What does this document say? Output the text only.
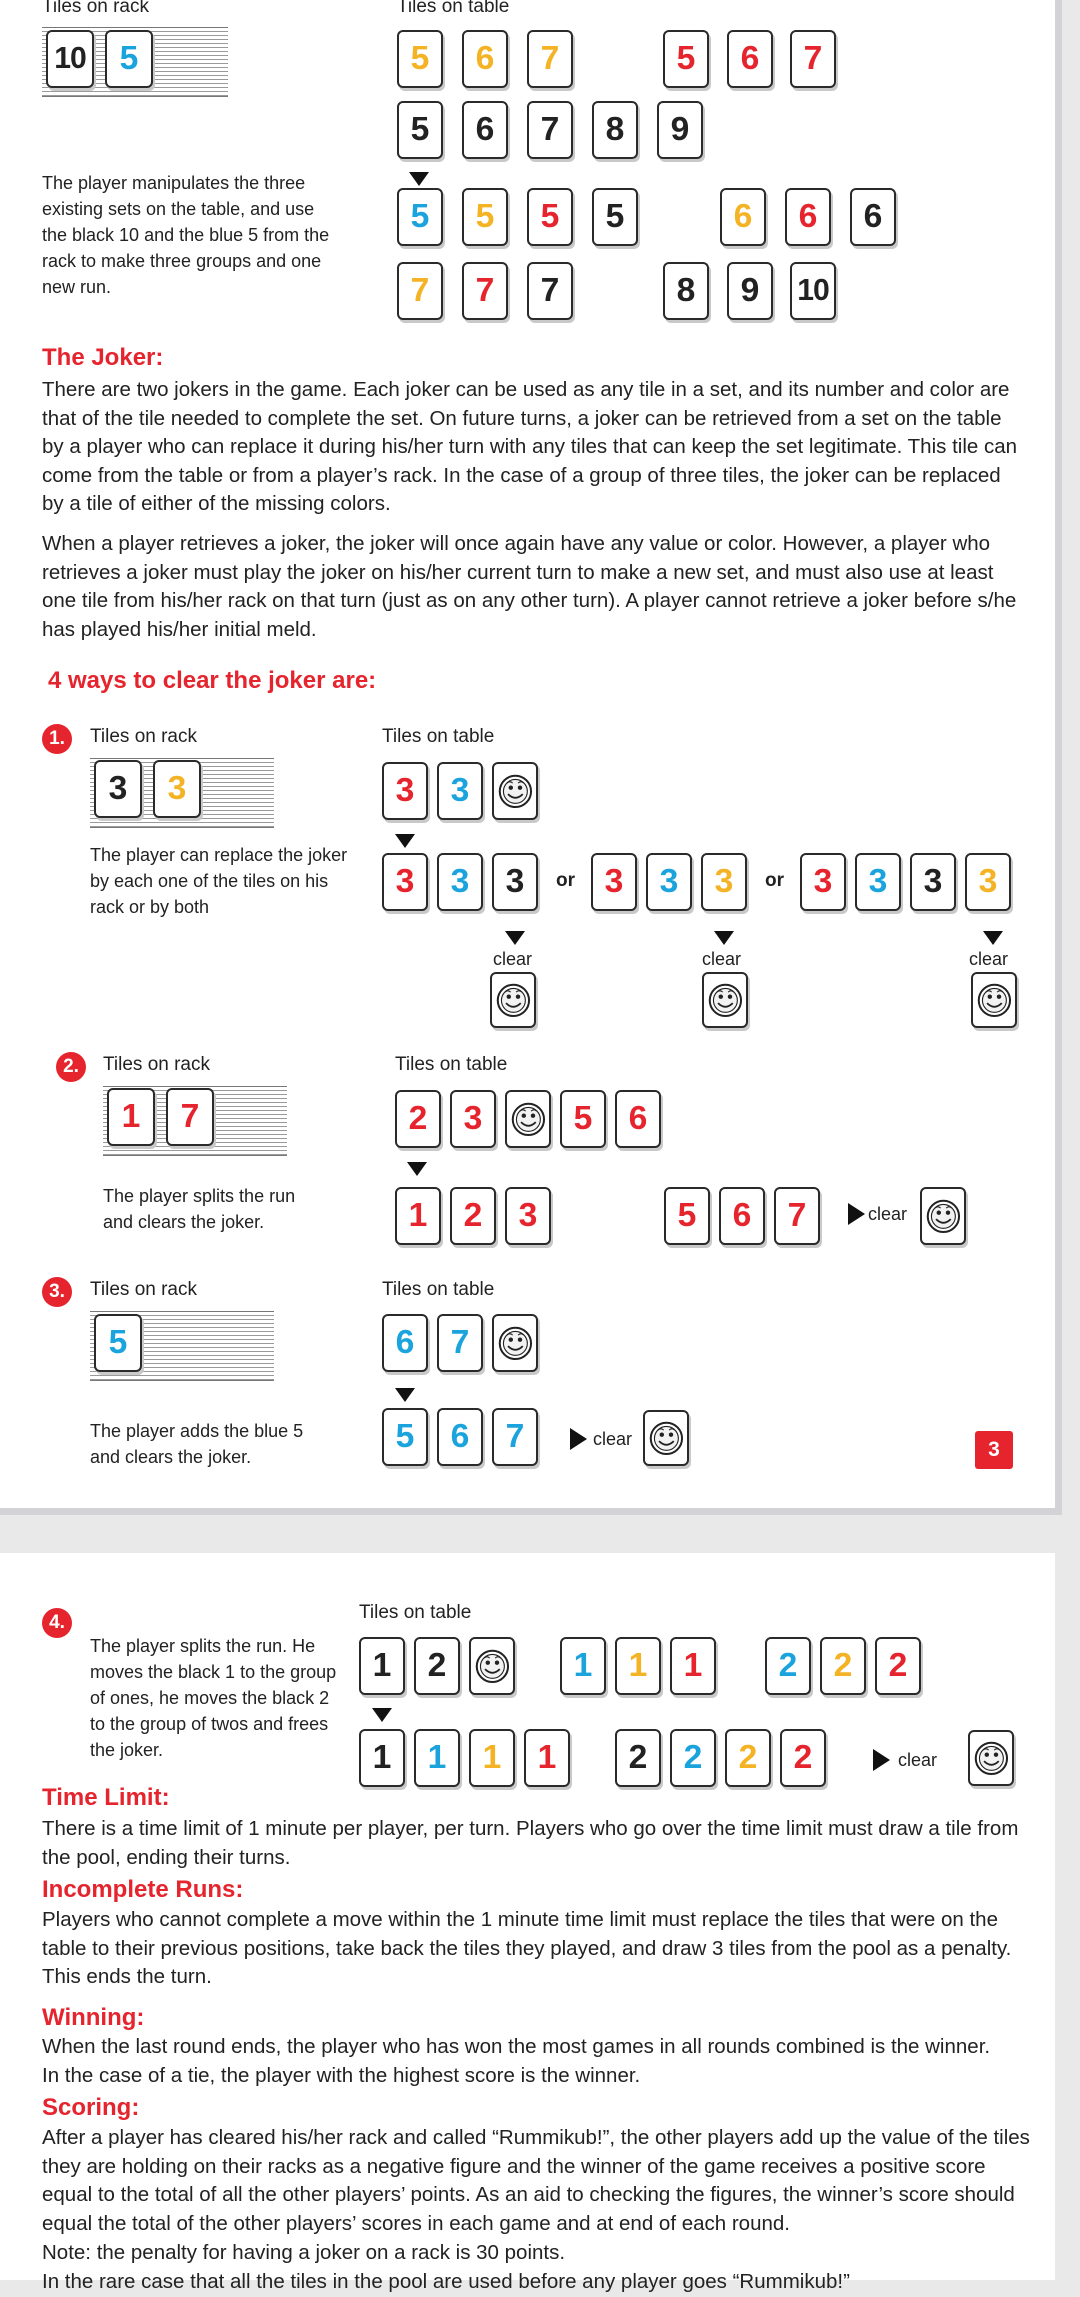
Tiles on rack	Tiles on table
The player manipulates the three existing sets on the table, and use the black 10 and the blue 5 from the rack to make three groups and one new run.
The Joker:
There are two jokers in the game. Each joker can be used as any tile in a set, and its number and color are that of the tile needed to complete the set. On future turns, a joker can be retrieved from a set on the table by a player who can replace it during his/her turn with any tiles that can keep the set legitimate. This tile can come from the table or from a player’s rack. In the case of a group of three tiles, the joker can be replaced by a tile of either of the missing colors.
When a player retrieves a joker, the joker will once again have any value or color. However, a player who retrieves a joker must play the joker on his/her current turn to make a new set, and must also use at least one tile from his/her rack on that turn (just as on any other turn). A player cannot retrieve a joker before s/he has played his/her initial meld.
4 ways to clear the joker are:
1.	Tiles on rack	Tiles on table
The player can replace the joker by each one of the tiles on his rack or by both
or	or
clear	clear	clear
2.	Tiles on rack	Tiles on table
The player splits the run and clears the joker.	clear
3.	Tiles on rack	Tiles on table
The player adds the blue 5 and clears the joker.
clear	3
4.	Tiles on table
The player splits the run. He moves the black 1 to the group of ones, he moves the black 2 to the group of twos and frees the joker.	clear
Time Limit:
There is a time limit of 1 minute per player, per turn. Players who go over the time limit must draw a tile from the pool, ending their turns.
Incomplete Runs:
Players who cannot complete a move within the 1 minute time limit must replace the tiles that were on the table to their previous positions, take back the tiles they played, and draw 3 tiles from the pool as a penalty. This ends the turn.
Winning:
When the last round ends, the player who has won the most games in all rounds combined is the winner.
In the case of a tie, the player with the highest score is the winner.
Scoring:
After a player has cleared his/her rack and called “Rummikub!”, the other players add up the value of the tiles they are holding on their racks as a negative figure and the winner of the game receives a positive score equal to the total of all the other players’ points. As an aid to checking the figures, the winner’s score should equal the total of the other players’ scores in each game and at end of each round.
Note: the penalty for having a joker on a rack is 30 points.
In the rare case that all the tiles in the pool are used before any player goes “Rummikub!”
10 5	5 6 7	5 6 7
5 6 7 8 9
5 5 5 5	6 6 6
7 7 7	8 9 10
3 3	3 3
3 3 3 3 3 3 3 3 3 3
1 7	2 3	5 6
1 2 3	5 6 7
5	6 7
5 6 7
1 2	1 1 1 2 2 2
1 1 1 1 2 2 2 2
